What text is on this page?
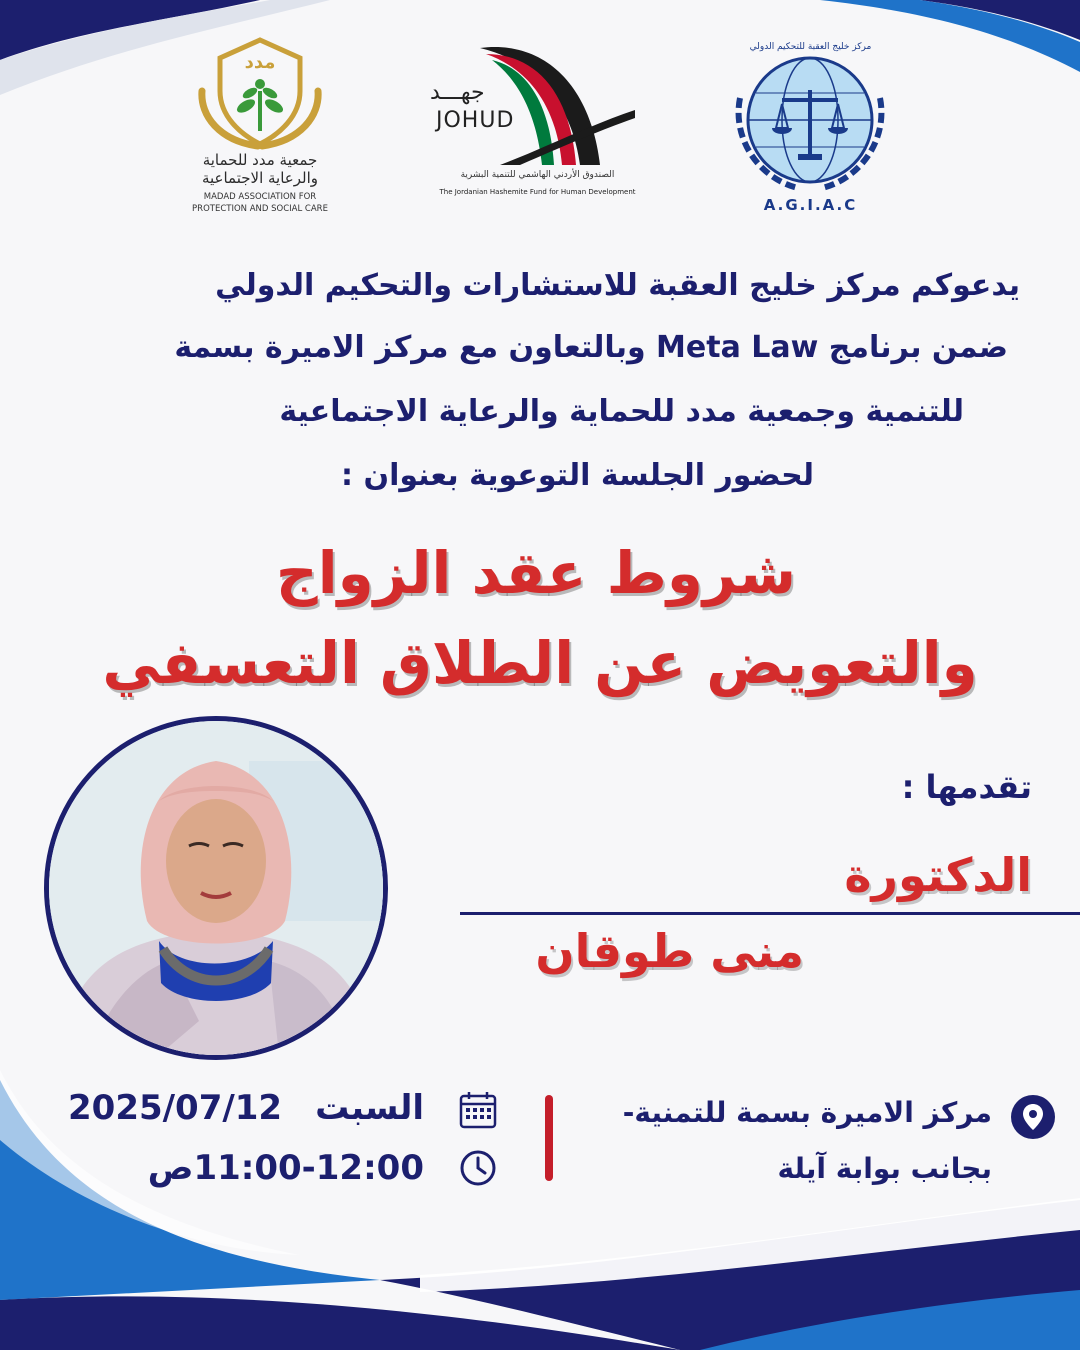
مدد
جمعية مدد للحماية
والرعاية الاجتماعية
MADAD ASSOCIATION FOR
PROTECTION AND SOCIAL CARE
جهـــد
JOHUD
الصندوق الأردني الهاشمي للتنمية البشرية
The Jordanian Hashemite Fund for Human Development
مركز خليج العقبة للتحكيم الدولي
A.G.I.A.C
يدعوكم مركز خليج العقبة للاستشارات والتحكيم الدولي
ضمن برنامج Meta Law وبالتعاون مع مركز الاميرة بسمة
للتنمية وجمعية مدد للحماية والرعاية الاجتماعية
لحضور الجلسة التوعوية بعنوان :
شروط عقد الزواج
والتعويض عن الطلاق التعسفي
تقدمها :
الدكتورة
منى طوقان
السبت
2025/07/12
11:00-12:00ص
مركز الاميرة بسمة للتمنية-
بجانب بوابة آيلة
